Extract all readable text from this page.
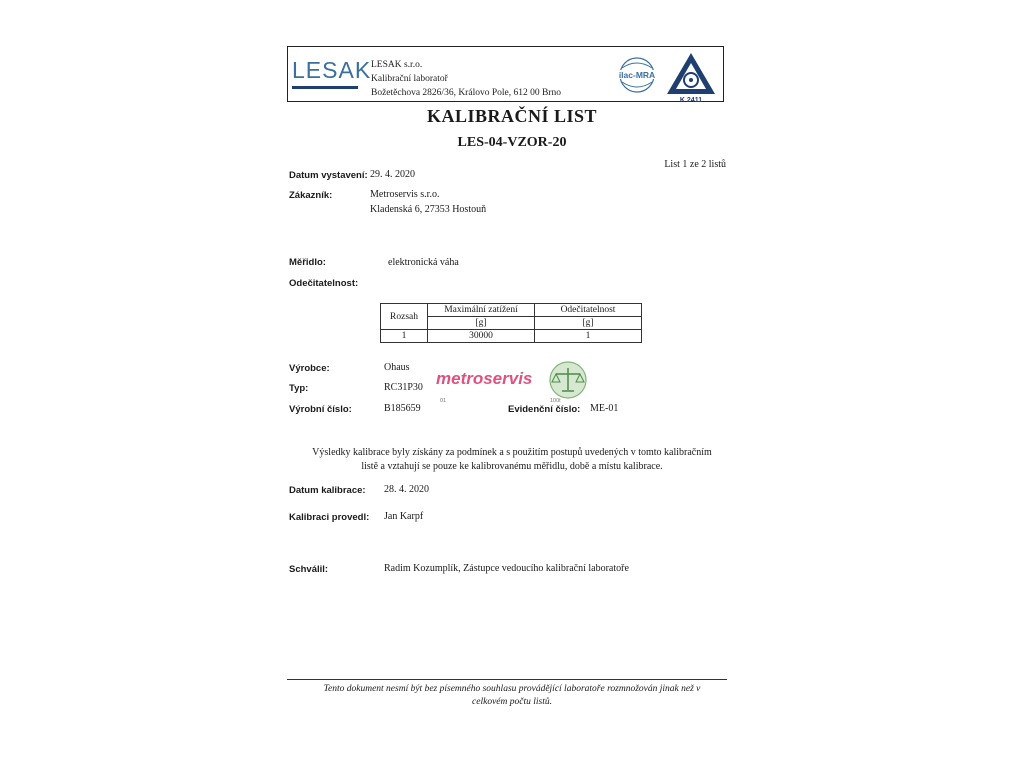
LESAK LESAK s.r.o.
Kalibrační laboratoř
Božetěchova 2826/36, Královo Pole, 612 00 Brno
ilac-MRA
K 2411
KALIBRAČNÍ LIST
LES-04-VZOR-20
List 1 ze 2 listů
Datum vystavení: 29. 4. 2020
Zákazník:	Metroservis s.r.o.
Kladenská 6, 27353 Hostouň
Měřidlo:	elektronická váha
Odečitatelnost:
Rozsah	Maximální zatížení	Odečitatelnost
	[g]	[g]
1	30000	1
Výrobce:	Ohaus
Typ:	RC31P30
Výrobní číslo:	B185659
metroservis
01	100t
Evidenční číslo: ME-01
Výsledky kalibrace byly získány za podmínek a s použitím postupů uvedených v tomto kalibračním
listě a vztahují se pouze ke kalibrovanému měřidlu, době a místu kalibrace.
Datum kalibrace: 28. 4. 2020
Kalibraci provedl: Jan Karpf
Schválil:	Radim Kozumplík, Zástupce vedoucího kalibrační laboratoře
Tento dokument nesmí být bez písemného souhlasu provádějící laboratoře rozmnožován jinak než v
celkovém počtu listů.
